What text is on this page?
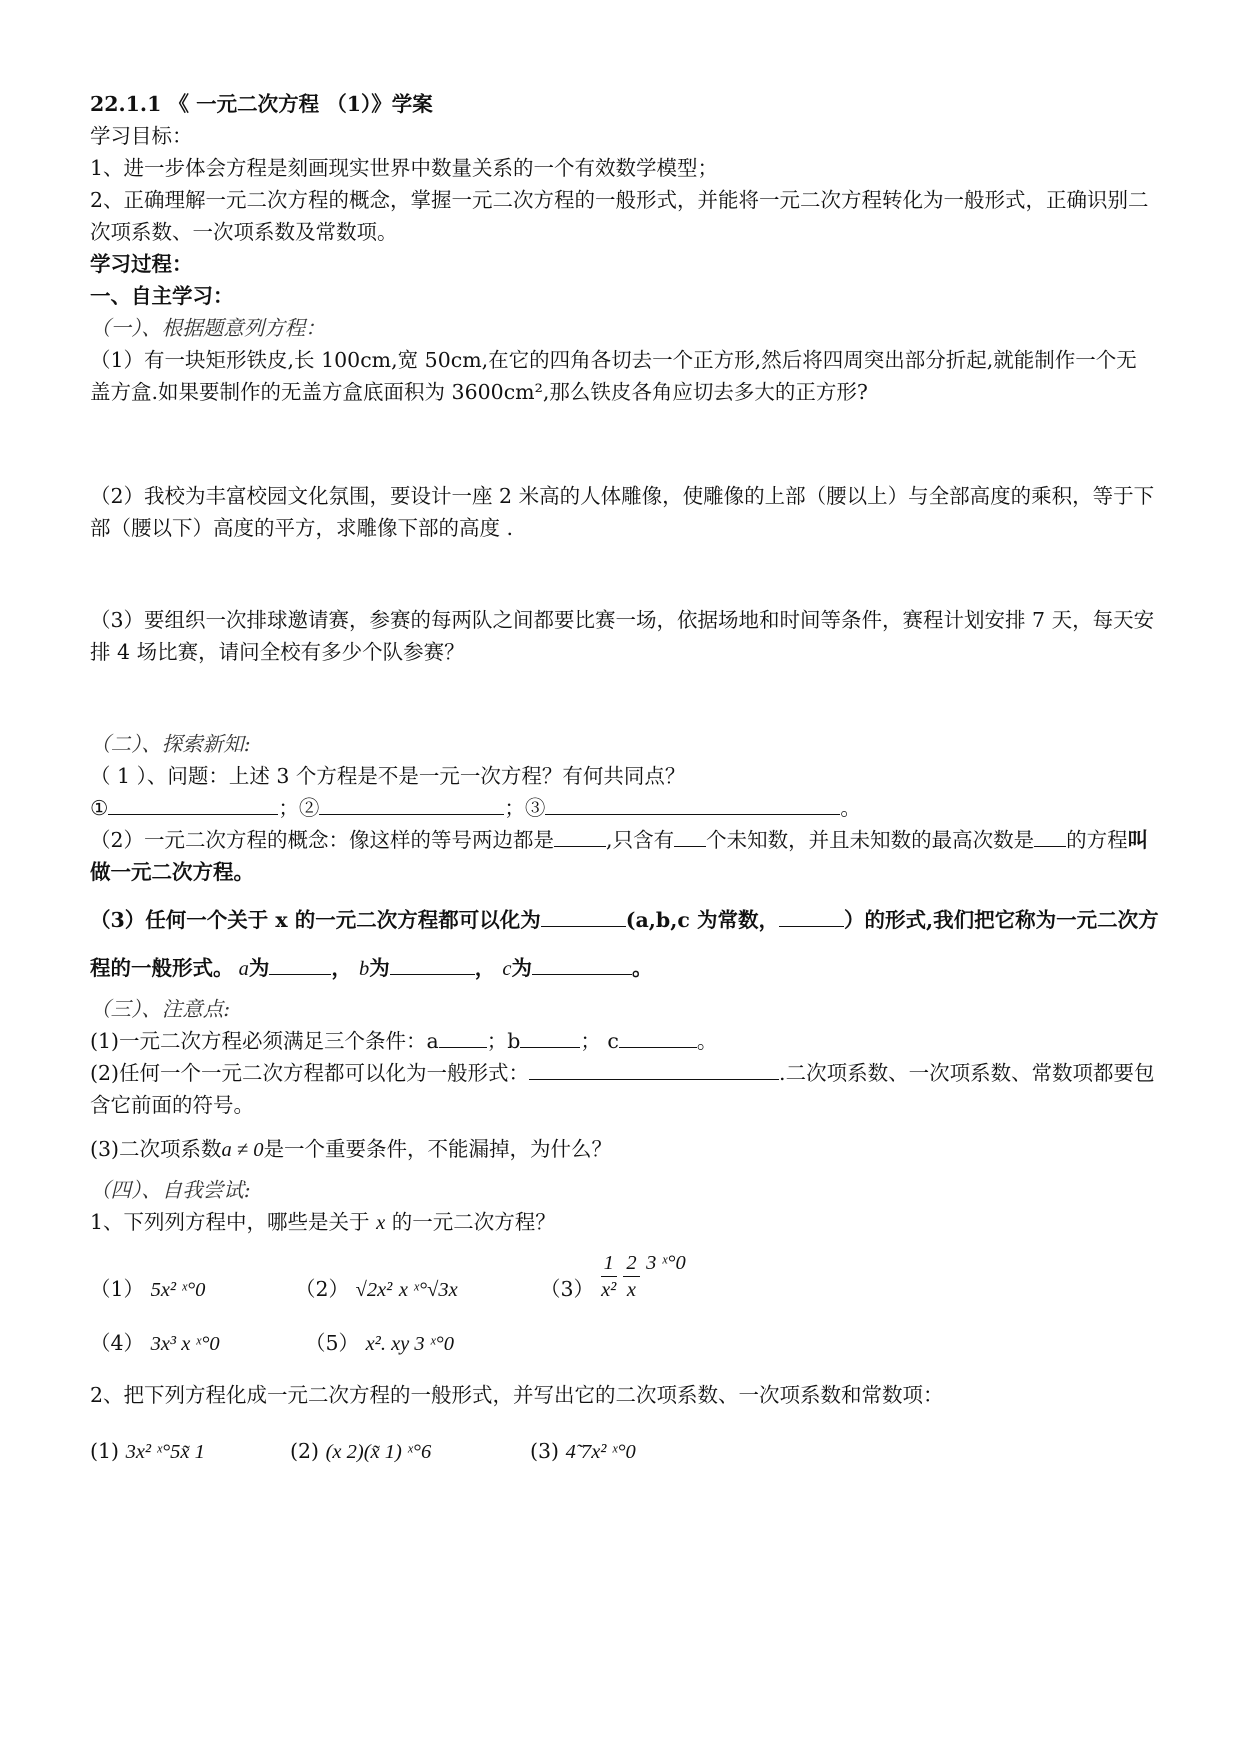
22.1.1 《 一元二次方程 （1）》学案
学习目标：
1、进一步体会方程是刻画现实世界中数量关系的一个有效数学模型；
2、正确理解一元二次方程的概念，掌握一元二次方程的一般形式，并能将一元二次方程转化为一般形式，正确识别二次项系数、一次项系数及常数项。
学习过程：
一、自主学习：
（一）、根据题意列方程：
（1）有一块矩形铁皮,长 100cm,宽 50cm,在它的四角各切去一个正方形,然后将四周突出部分折起,就能制作一个无 盖方盒.如果要制作的无盖方盒底面积为 3600cm²,那么铁皮各角应切去多大的正方形?
（2）我校为丰富校园文化氛围，要设计一座 2 米高的人体雕像，使雕像的上部（腰以上）与全部高度的乘积，等于下部（腰以下）高度的平方，求雕像下部的高度 .
（3）要组织一次排球邀请赛，参赛的每两队之间都要比赛一场，依据场地和时间等条件，赛程计划安排 7 天，每天安排 4 场比赛，请问全校有多少个队参赛？
（二）、探索新知:
（ 1 ）、问题：上述 3 个方程是不是一元一次方程？有何共同点？
①	；②	；③	。
（2）一元二次方程的概念：像这样的等号两边都是	,只含有 个未知数，并且未知数的最高次数是 的方程叫做一元二次方程。
（3）任何一个关于 x 的一元二次方程都可以化为	(a,b,c 为常数，	）的形式,我们把它称为一元二次方程的一般形式。 a为	， b为	， c为	。
（三）、注意点:
(1)一元二次方程必须满足三个条件：a ；b	； c	。
(2)任何一个一元二次方程都可以化为一般形式：	.二次项系数、一次项系数、常数项都要包含它前面的符号。
(3)二次项系数a ≠ 0是一个重要条件，不能漏掉，为什么？
（四）、自我尝试:
1、下列列方程中，哪些是关于 x 的一元二次方程？
（1） 5x² ˣ°0	（2） √2x² x ˣ°√3x	$(3) \frac{1}{\text{x²}}$
$\frac{2}{x} 3$ ˣ°0
（4） 3x³ x ˣ°0	（5） x². xy 3 ˣ°0
2、把下列方程化成一元二次方程的一般形式，并写出它的二次项系数、一次项系数和常数项：
(1) 3x² ˣ°5x̃ 1	(2) (x 2)(x̃ 1) ˣ°6	(3) 4̃ 7x² ˣ°0
